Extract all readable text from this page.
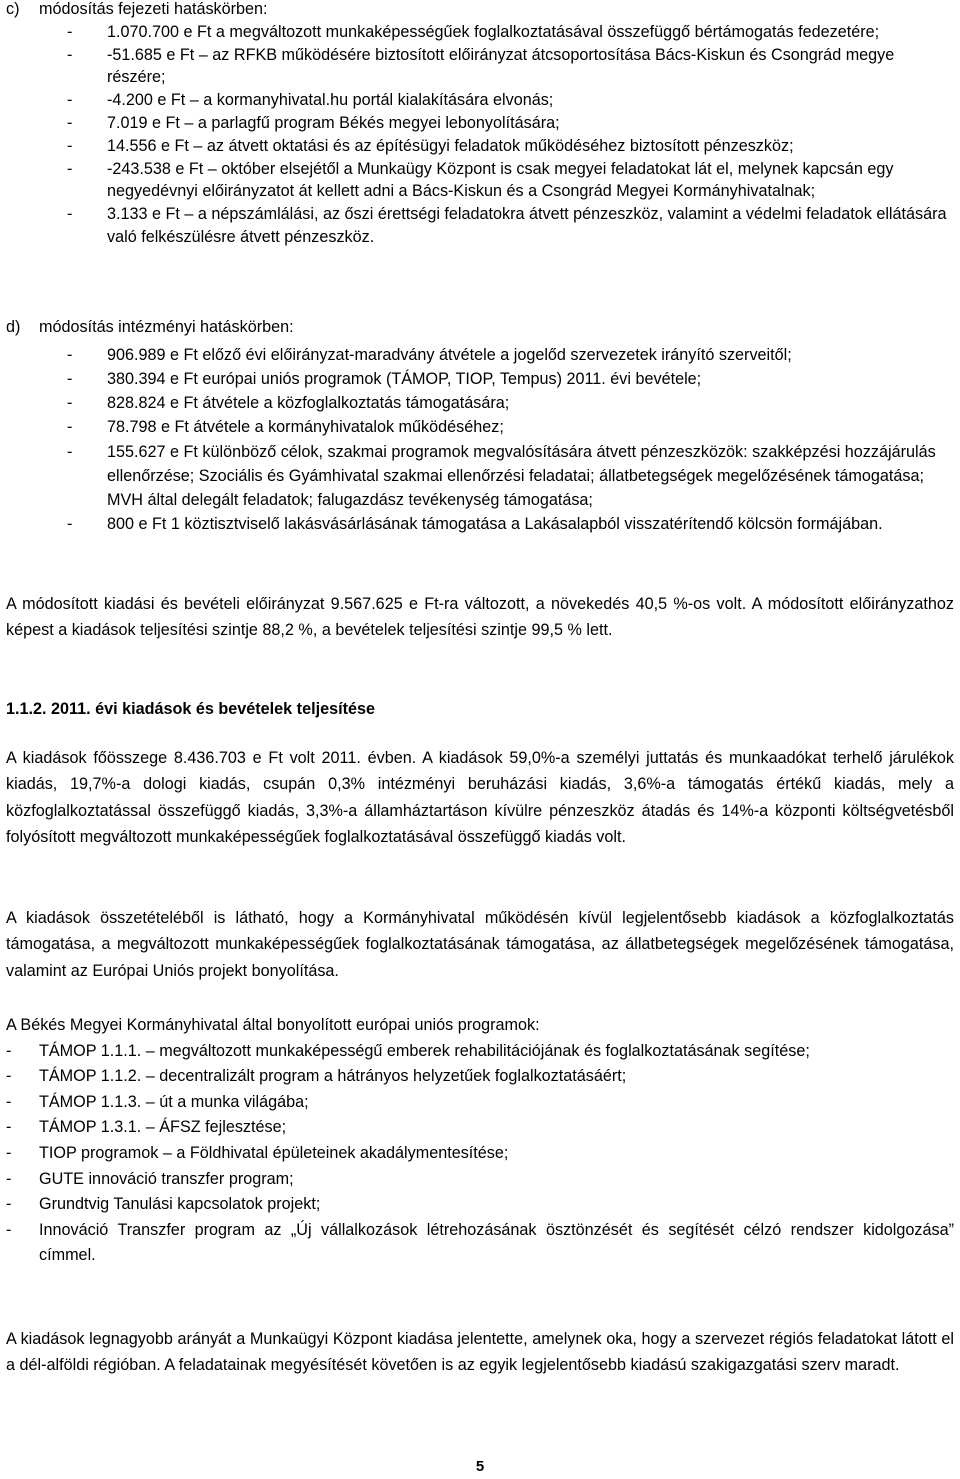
c) módosítás fejezeti hatáskörben:
- 1.070.700 e Ft a megváltozott munkaképességűek foglalkoztatásával összefüggő bértámogatás fedezetére;
- -51.685 e Ft – az RFKB működésére biztosított előirányzat átcsoportosítása Bács-Kiskun és Csongrád megye részére;
- -4.200 e Ft – a kormanyhivatal.hu portál kialakítására elvonás;
- 7.019 e Ft – a parlagfű program Békés megyei lebonyolítására;
- 14.556 e Ft – az átvett oktatási és az építésügyi feladatok működéséhez biztosított pénzeszköz;
- -243.538 e Ft – október elsejétől a Munkaügy Központ is csak megyei feladatokat lát el, melynek kapcsán egy negyedévnyi előirányzatot át kellett adni a Bács-Kiskun és a Csongrád Megyei Kormányhivatalnak;
- 3.133 e Ft – a népszámlálási, az őszi érettségi feladatokra átvett pénzeszköz, valamint a védelmi feladatok ellátására való felkészülésre átvett pénzeszköz.
d) módosítás intézményi hatáskörben:
- 906.989 e Ft előző évi előirányzat-maradvány átvétele a jogelőd szervezetek irányító szerveitől;
- 380.394 e Ft európai uniós programok (TÁMOP, TIOP, Tempus) 2011. évi bevétele;
- 828.824 e Ft átvétele a közfoglalkoztatás támogatására;
- 78.798 e Ft átvétele a kormányhivatalok működéséhez;
- 155.627 e Ft különböző célok, szakmai programok megvalósítására átvett pénzeszközök: szakképzési hozzájárulás ellenőrzése; Szociális és Gyámhivatal szakmai ellenőrzési feladatai; állatbetegségek megelőzésének támogatása; MVH által delegált feladatok; falugazdász tevékenység támogatása;
- 800 e Ft 1 köztisztviselő lakásvásárlásának támogatása a Lakásalapból visszatérítendő kölcsön formájában.
A módosított kiadási és bevételi előirányzat 9.567.625 e Ft-ra változott, a növekedés 40,5 %-os volt. A módosított előirányzathoz képest a kiadások teljesítési szintje 88,2 %, a bevételek teljesítési szintje 99,5 % lett.
1.1.2. 2011. évi kiadások és bevételek teljesítése
A kiadások főösszege 8.436.703 e Ft volt 2011. évben. A kiadások 59,0%-a személyi juttatás és munkaadókat terhelő járulékok kiadás, 19,7%-a dologi kiadás, csupán 0,3% intézményi beruházási kiadás, 3,6%-a támogatás értékű kiadás, mely a közfoglalkoztatással összefüggő kiadás, 3,3%-a államháztartáson kívülre pénzeszköz átadás és 14%-a központi költségvetésből folyósított megváltozott munkaképességűek foglalkoztatásával összefüggő kiadás volt.
A kiadások összetételéből is látható, hogy a Kormányhivatal működésén kívül legjelentősebb kiadások a közfoglalkoztatás támogatása, a megváltozott munkaképességűek foglalkoztatásának támogatása, az állatbetegségek megelőzésének támogatása, valamint az Európai Uniós projekt bonyolítása.
A Békés Megyei Kormányhivatal által bonyolított európai uniós programok:
- TÁMOP 1.1.1. – megváltozott munkaképességű emberek rehabilitációjának és foglalkoztatásának segítése;
- TÁMOP 1.1.2. – decentralizált program a hátrányos helyzetűek foglalkoztatásáért;
- TÁMOP 1.1.3. – út a munka világába;
- TÁMOP 1.3.1. – ÁFSZ fejlesztése;
- TIOP programok – a Földhivatal épületeinek akadálymentesítése;
- GUTE innováció transzfer program;
- Grundtvig Tanulási kapcsolatok projekt;
- Innováció Transzfer program az „Új vállalkozások létrehozásának ösztönzését és segítését célzó rendszer kidolgozása” címmel.
A kiadások legnagyobb arányát a Munkaügyi Központ kiadása jelentette, amelynek oka, hogy a szervezet régiós feladatokat látott el a dél-alföldi régióban. A feladatainak megyésítését követően is az egyik legjelentősebb kiadású szakigazgatási szerv maradt.
5
